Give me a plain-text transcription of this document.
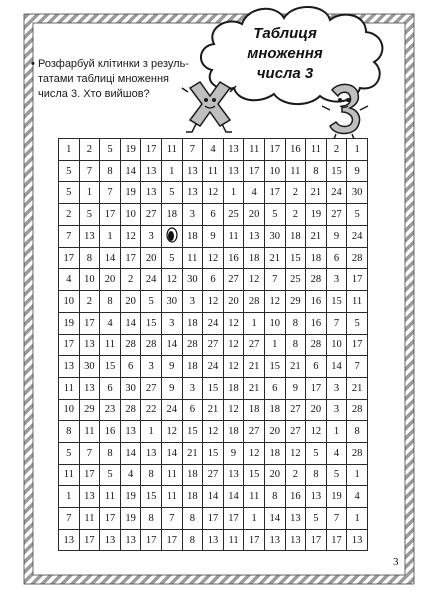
Таблиця множення
числа 3
• Розфарбуй клітинки з резуль-
татами таблиці множення
числа 3. Хто вийшов?
1	2	5	19	17	11	7	4	13	11	17	16	11	2	1
5	7	8	14	13	1	13	11	13	17	10	11	8	15	9
5	1	7	19	13	5	13	12	1	4	17	2	21	24	30
2	5	17	10	27	18	3	6	25	20	5	2	19	27	5
7	13	1	12	3		18	9	11	13	30	18	21	9	24
17	8	14	17	20	5	11	12	16	18	21	15	18	6	28
4	10	20	2	24	12	30	6	27	12	7	25	28	3	17
10	2	8	20	5	30	3	12	20	28	12	29	16	15	11
19	17	4	14	15	3	18	24	12	1	10	8	16	7	5
17	13	11	28	28	14	28	27	12	27	1	8	28	10	17
13	30	15	6	3	9	18	24	12	21	15	21	6	14	7
11	13	6	30	27	9	3	15	18	21	6	9	17	3	21
10	29	23	28	22	24	6	21	12	18	18	27	20	3	28
8	11	16	13	1	12	15	12	18	27	20	27	12	1	8
5	7	8	14	13	14	21	15	9	12	18	12	5	4	28
11	17	5	4	8	11	18	27	13	15	20	2	8	5	1
1	13	11	19	15	11	18	14	14	11	8	16	13	19	4
7	11	17	19	8	7	8	17	17	1	14	13	5	7	1
13	17	13	13	17	17	8	13	11	17	13	13	17	17	13
3
